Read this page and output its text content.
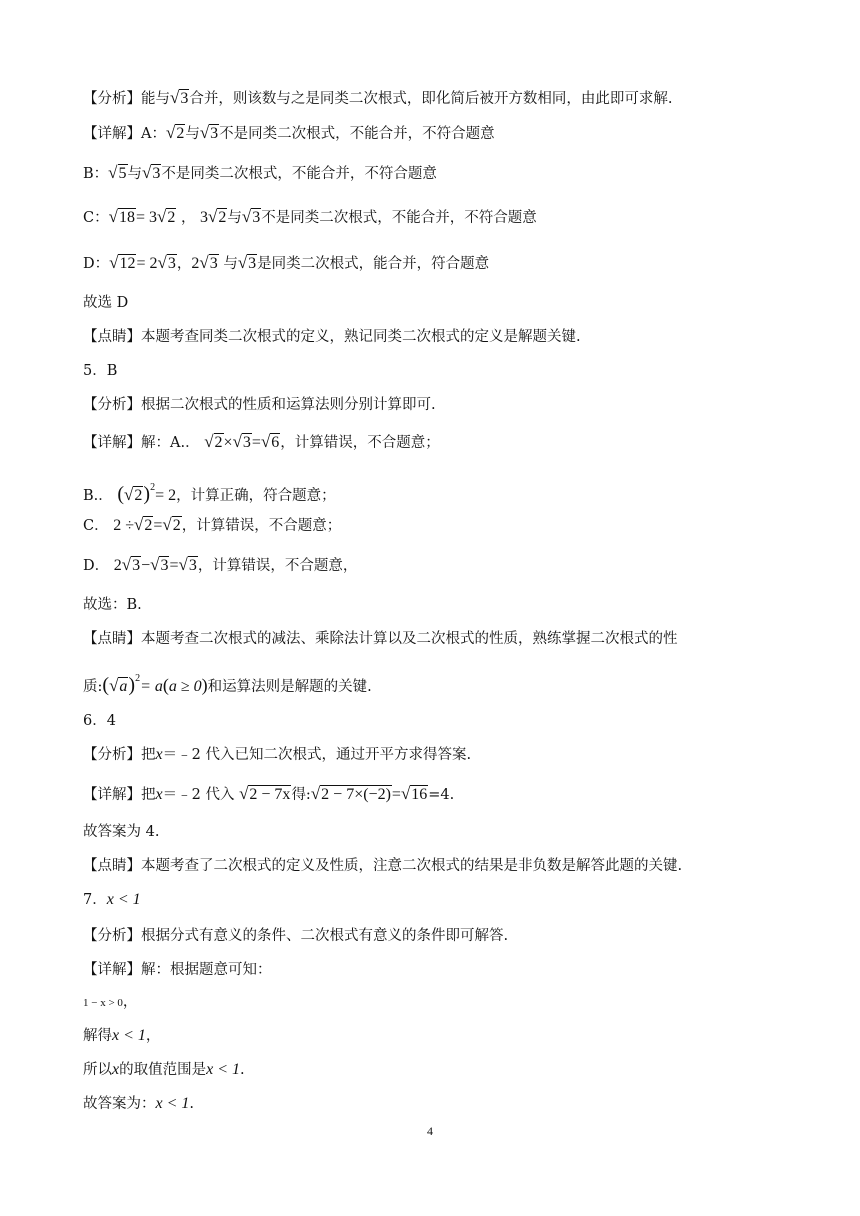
【分析】能与√3合并，则该数与之是同类二次根式，即化简后被开方数相同，由此即可求解.
【详解】A：√2与√3不是同类二次根式，不能合并，不符合题意
B：√5与√3不是同类二次根式，不能合并，不符合题意
C：√18= 3√2 ， 3√2与√3不是同类二次根式，不能合并，不符合题意
D：√12= 2√3，2√3 与√3是同类二次根式，能合并，符合题意
故选 D
【点睛】本题考查同类二次根式的定义，熟记同类二次根式的定义是解题关键.
5．B
【分析】根据二次根式的性质和运算法则分别计算即可.
【详解】解：A.． √2×√3=√6，计算错误，不合题意；
B.． $(√2)^2= 2$，计算正确，符合题意；
C． 2 ÷√2=√2，计算错误，不合题意；
D． 2√3−√3=√3，计算错误，不合题意，
故选：B.
【点睛】本题考查二次根式的减法、乘除法计算以及二次根式的性质，熟练掌握二次根式的性
质$:(√a)^2= a(a \ge 0)$和运算法则是解题的关键.
6．4
【分析】把x＝﹣2 代入已知二次根式，通过开平方求得答案.
【详解】把x＝﹣2 代入 √2 − 7x得:√2 − 7×(−2)=√16=4.
故答案为 4.
【点睛】本题考查了二次根式的定义及性质，注意二次根式的结果是非负数是解答此题的关键.
7．x < 1
【分析】根据分式有意义的条件、二次根式有意义的条件即可解答.
【详解】解：根据题意可知：
1 − x > 0，
解得x < 1，
所以x的取值范围是x < 1.
故答案为：x < 1.
4
